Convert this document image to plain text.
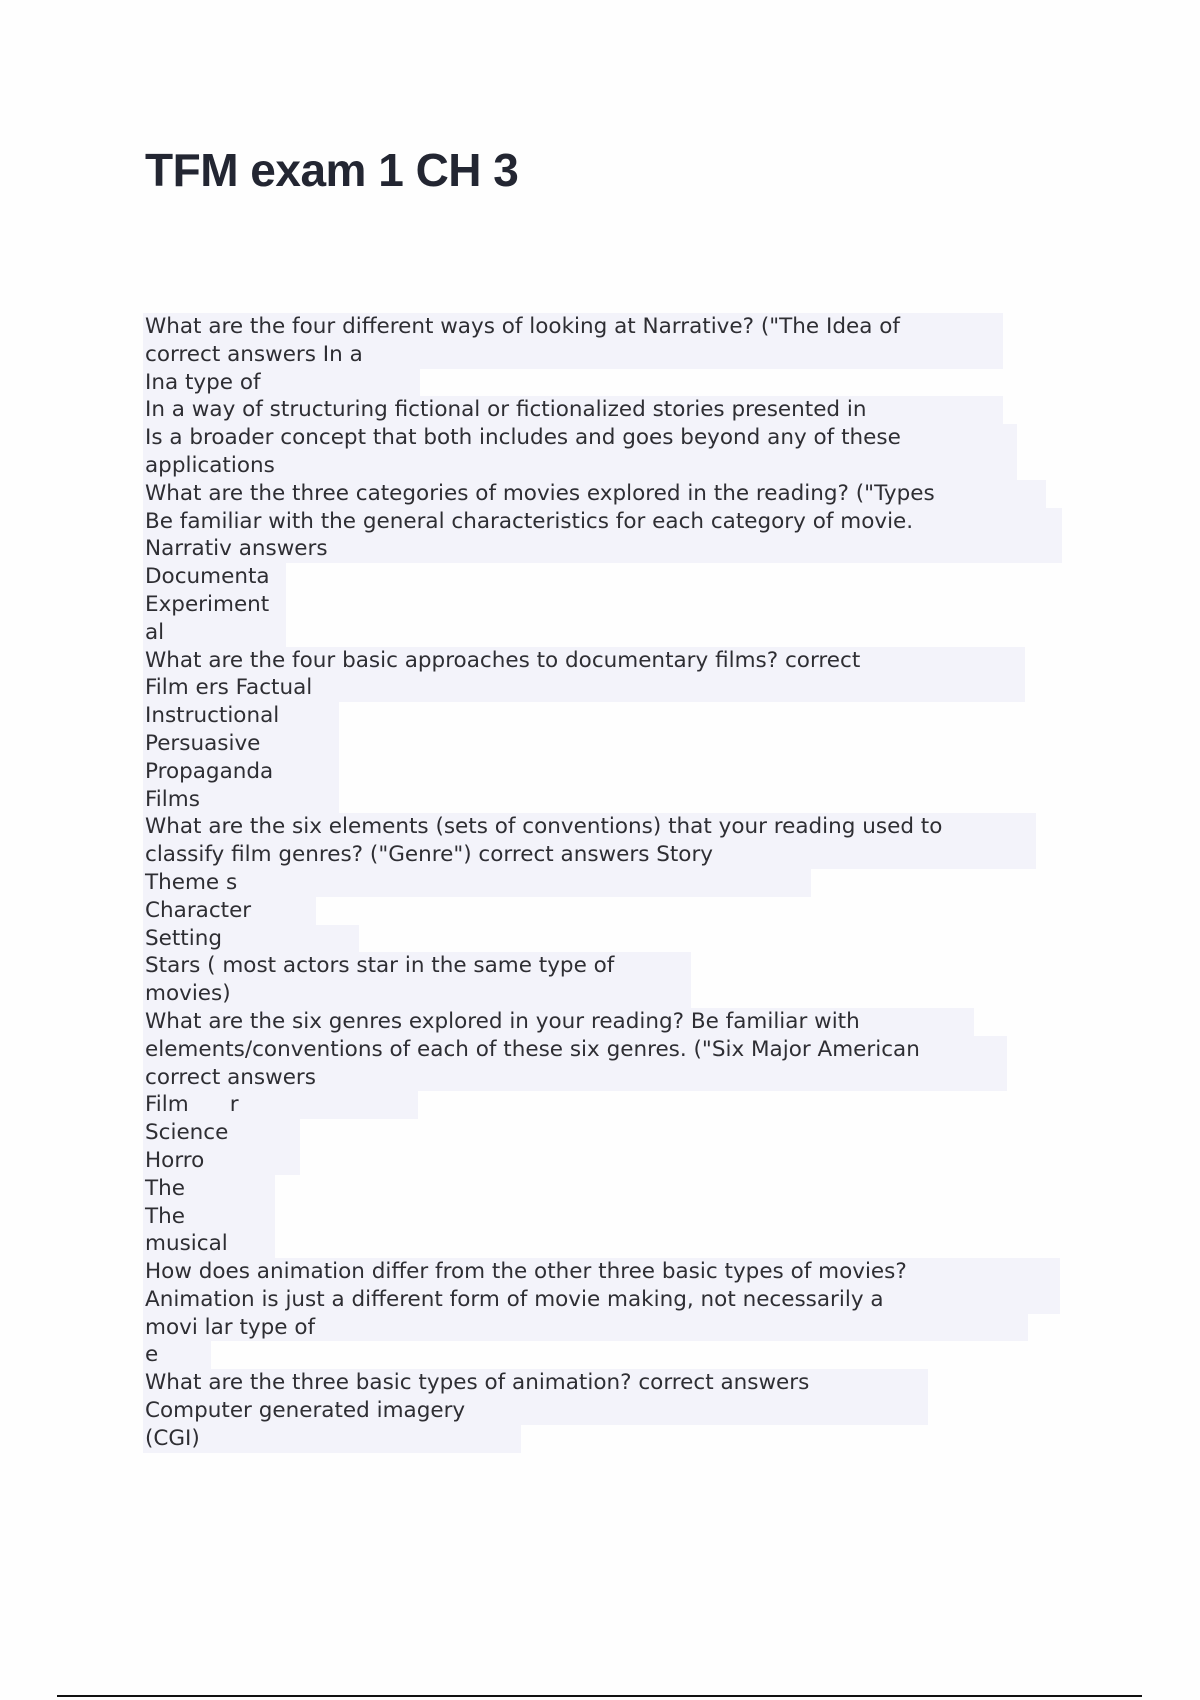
TFM exam 1 CH 3
What are the four different ways of looking at Narrative? ("The Idea of
correct answers In a
Ina type of
In a way of structuring fictional or fictionalized stories presented in
Is a broader concept that both includes and goes beyond any of these
applications
What are the three categories of movies explored in the reading? ("Types
Be familiar with the general characteristics for each category of movie.
Narrativ answers
Documenta
Experiment
al
What are the four basic approaches to documentary films? correct
Film ers Factual
Instructional
Persuasive
Propaganda
Films
What are the six elements (sets of conventions) that your reading used to
classify film genres? ("Genre") correct answers Story
Theme s
Character
Setting
Stars ( most actors star in the same type of
movies)
What are the six genres explored in your reading? Be familiar with
elements/conventions of each of these six genres. ("Six Major American
correct answers
Film      r
Science
Horro
The
The
musical
How does animation differ from the other three basic types of movies?
Animation is just a different form of movie making, not necessarily a
movi lar type of
e
What are the three basic types of animation? correct answers
Computer generated imagery
(CGI)
